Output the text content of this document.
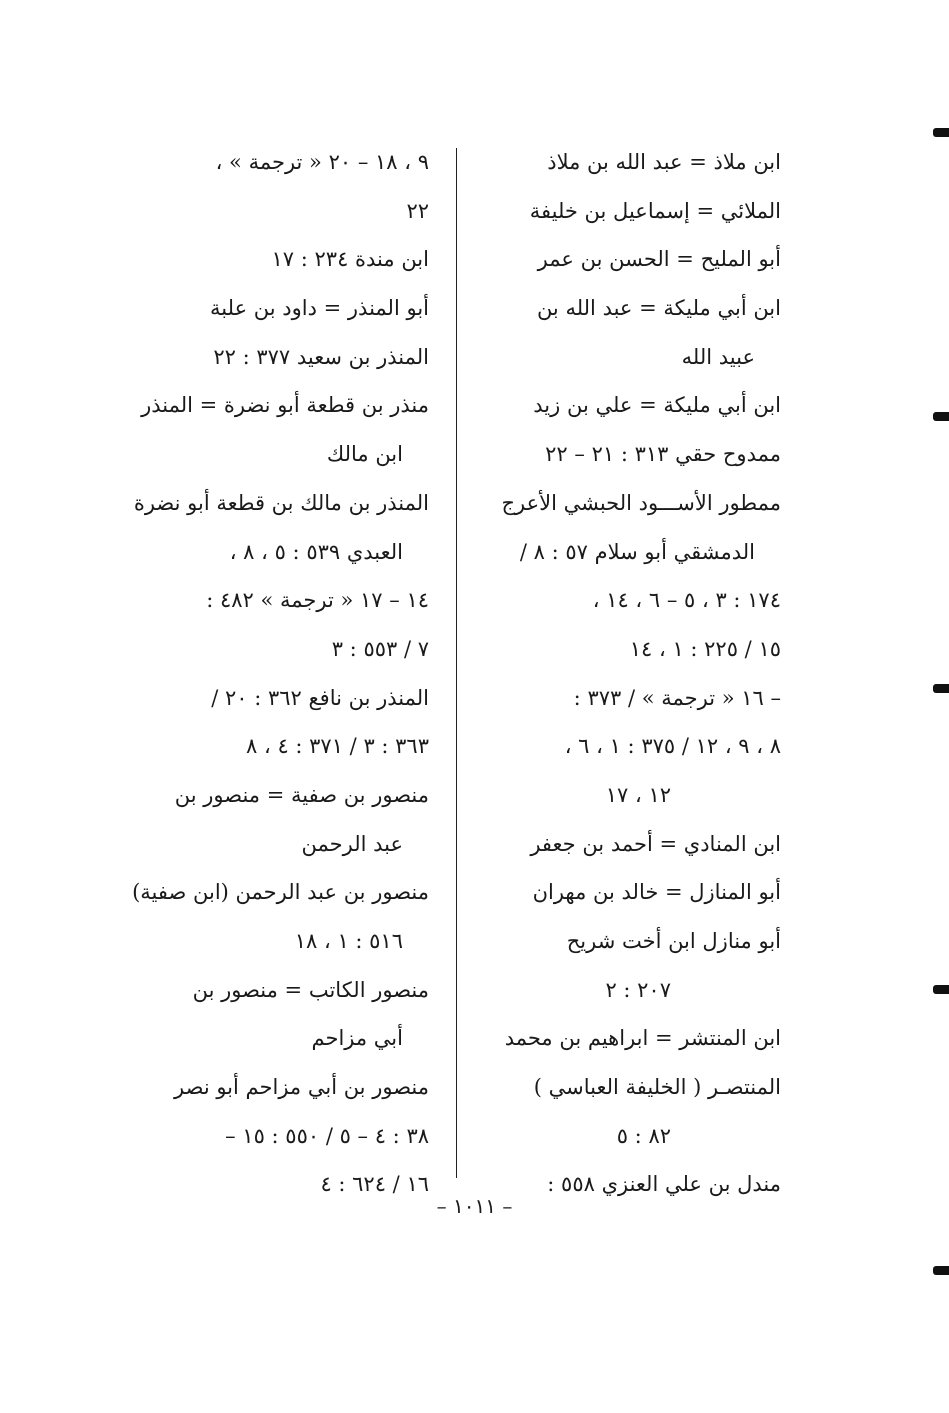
ابن ملاذ = عبد الله بن ملاذ
الملائي = إسماعيل بن خليفة
أبو المليح = الحسن بن عمر
ابن أبي مليكة = عبد الله بن
عبيد الله
ابن أبي مليكة = علي بن زيد
ممدوح حقي ٣١٣ : ٢١ – ٢٢
ممطور الأســـود الحبشي الأعرج
الدمشقي أبو سلام ٥٧ : ٨ /
١٧٤ : ٣ ، ٥ – ٦ ، ١٤ ،
١٥ / ٢٢٥ : ١ ، ١٤
– ١٦ « ترجمة » / ٣٧٣ :
٨ ، ٩ ، ١٢ / ٣٧٥ : ١ ، ٦ ،
١٢ ، ١٧
ابن المنادي = أحمد بن جعفر
أبو المنازل = خالد بن مهران
أبو منازل ابن أخت شريح
٢٠٧ : ٢
ابن المنتشر = ابراهيم بن محمد
المنتصـر ( الخليفة العباسي )
٨٢ : ٥
مندل بن علي العنزي ٥٥٨ :
٩ ، ١٨ – ٢٠ « ترجمة » ،
٢٢
ابن مندة ٢٣٤ : ١٧
أبو المنذر = داود بن علبة
المنذر بن سعيد ٣٧٧ : ٢٢
منذر بن قطعة أبو نضرة = المنذر
ابن مالك
المنذر بن مالك بن قطعة أبو نضرة
العبدي ٥٣٩ : ٥ ، ٨ ،
١٤ – ١٧ « ترجمة » ٤٨٢ :
٧ / ٥٥٣ : ٣
المنذر بن نافع ٣٦٢ : ٢٠ /
٣٦٣ : ٣ / ٣٧١ : ٤ ، ٨
منصور بن صفية = منصور بن
عبد الرحمن
منصور بن عبد الرحمن (ابن صفية)
٥١٦ : ١ ، ١٨
منصور الكاتب = منصور بن
أبي مزاحم
منصور بن أبي مزاحم أبو نصر
٣٨ : ٤ – ٥ / ٥٥٠ : ١٥ –
١٦ / ٦٢٤ : ٤
– ١٠١١ –
